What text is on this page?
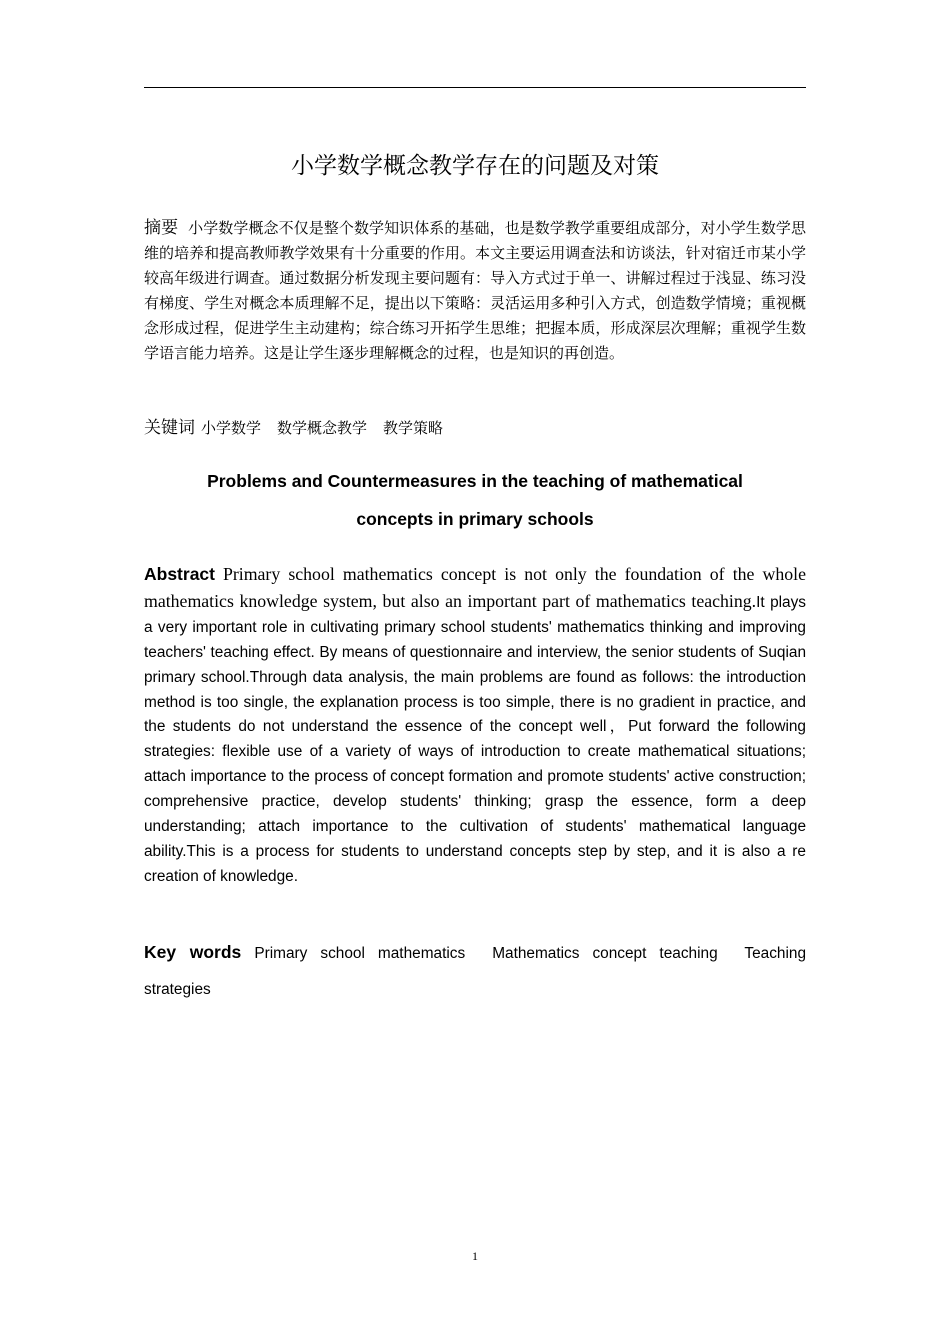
小学数学概念教学存在的问题及对策

摘要 小学数学概念不仅是整个数学知识体系的基础，也是数学教学重要组成部分，对小学生数学思维的培养和提高教师教学效果有十分重要的作用。本文主要运用调查法和访谈法，针对宿迁市某小学较高年级进行调查。通过数据分析发现主要问题有：导入方式过于单一、讲解过程过于浅显、练习没有梯度、学生对概念本质理解不足，提出以下策略：灵活运用多种引入方式，创造数学情境；重视概念形成过程，促进学生主动建构；综合练习开拓学生思维；把握本质，形成深层次理解；重视学生数学语言能力培养。这是让学生逐步理解概念的过程，也是知识的再创造。

关键词 小学数学 数学概念教学 教学策略

Problems and Countermeasures in the teaching of mathematical
concepts in primary schools

Abstract Primary school mathematics concept is not only the foundation of the whole mathematics knowledge system, but also an important part of mathematics teaching.It plays a very important role in cultivating primary school students' mathematics thinking and improving teachers' teaching effect. By means of questionnaire and interview, the senior students of Suqian primary school.Through data analysis, the main problems are found as follows: the introduction method is too single, the explanation process is too simple, there is no gradient in practice, and the students do not understand the essence of the concept well，Put forward the following strategies: flexible use of a variety of ways of introduction to create mathematical situations; attach importance to the process of concept formation and promote students' active construction; comprehensive practice, develop students' thinking; grasp the essence, form a deep understanding; attach importance to the cultivation of students' mathematical language ability.This is a process for students to understand concepts step by step, and it is also a re creation of knowledge.

Key words Primary school mathematics Mathematics concept teaching Teaching strategies

1
